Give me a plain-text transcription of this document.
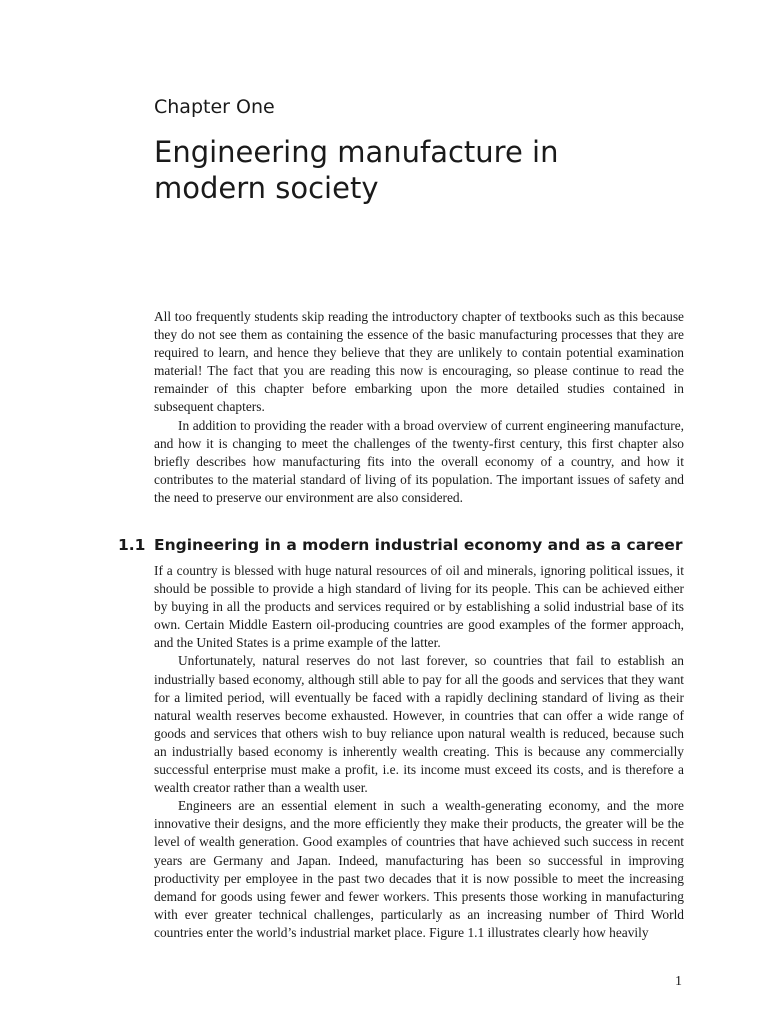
Chapter One
Engineering manufacture in modern society

All too frequently students skip reading the introductory chapter of textbooks such as this because they do not see them as containing the essence of the basic manufacturing processes that they are required to learn, and hence they believe that they are unlikely to contain potential examination material! The fact that you are reading this now is encouraging, so please continue to read the remainder of this chapter before embarking upon the more detailed studies contained in subsequent chapters.

In addition to providing the reader with a broad overview of current engineering manufacture, and how it is changing to meet the challenges of the twenty-first century, this first chapter also briefly describes how manufacturing fits into the overall economy of a country, and how it contributes to the material standard of living of its population. The important issues of safety and the need to preserve our environment are also considered.

1.1 Engineering in a modern industrial economy and as a career

If a country is blessed with huge natural resources of oil and minerals, ignoring political issues, it should be possible to provide a high standard of living for its people. This can be achieved either by buying in all the products and services required or by establishing a solid industrial base of its own. Certain Middle Eastern oil-producing countries are good examples of the former approach, and the United States is a prime example of the latter.

Unfortunately, natural reserves do not last forever, so countries that fail to establish an industrially based economy, although still able to pay for all the goods and services that they want for a limited period, will eventually be faced with a rapidly declining standard of living as their natural wealth reserves become exhausted. However, in countries that can offer a wide range of goods and services that others wish to buy reliance upon natural wealth is reduced, because such an industrially based economy is inherently wealth creating. This is because any commercially successful enterprise must make a profit, i.e. its income must exceed its costs, and is therefore a wealth creator rather than a wealth user.

Engineers are an essential element in such a wealth-generating economy, and the more innovative their designs, and the more efficiently they make their products, the greater will be the level of wealth generation. Good examples of countries that have achieved such success in recent years are Germany and Japan. Indeed, manufacturing has been so successful in improving productivity per employee in the past two decades that it is now possible to meet the increasing demand for goods using fewer and fewer workers. This presents those working in manufacturing with ever greater technical challenges, particularly as an increasing number of Third World countries enter the world’s industrial market place. Figure 1.1 illustrates clearly how heavily

1
